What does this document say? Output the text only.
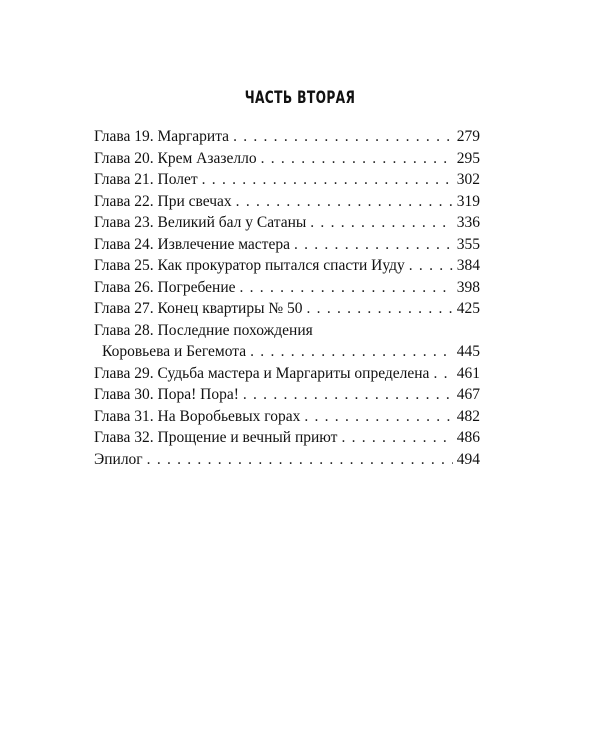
ЧАСТЬ ВТОРАЯ
Глава 19. Маргарита . . .	279
Глава 20. Крем Азазелло . . .	295
Глава 21. Полет . . .	302
Глава 22. При свечах . . .	319
Глава 23. Великий бал у Сатаны . . .	336
Глава 24. Извлечение мастера . . .	355
Глава 25. Как прокуратор пытался спасти Иуду . . .	384
Глава 26. Погребение . . .	398
Глава 27. Конец квартиры № 50 . . .	425
Глава 28. Последние похождения
Коровьева и Бегемота . . .	445
Глава 29. Судьба мастера и Маргариты определена . . . 461
Глава 30. Пора! Пора! . . .	467
Глава 31. На Воробьевых горах . . .	482
Глава 32. Прощение и вечный приют . . .	486
Эпилог . . .	494
